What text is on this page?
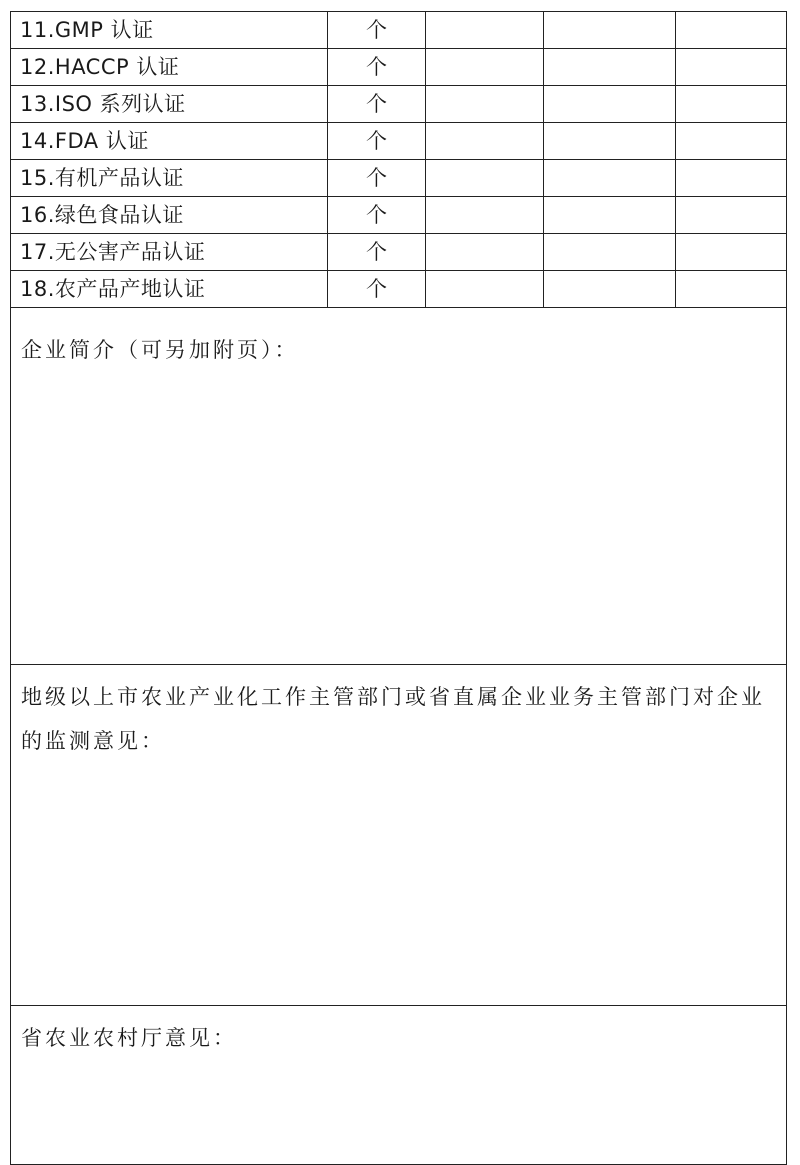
11.GMP 认证	个			
12.HACCP 认证	个			
13.ISO 系列认证	个			
14.FDA 认证	个			
15.有机产品认证	个			
16.绿色食品认证	个			
17.无公害产品认证	个			
18.农产品产地认证	个			
企业简介（可另加附页）：				
地级以上市农业产业化工作主管部门或省直属企业业务主管部门对企业的监测意见：				
省农业农村厅意见：				
